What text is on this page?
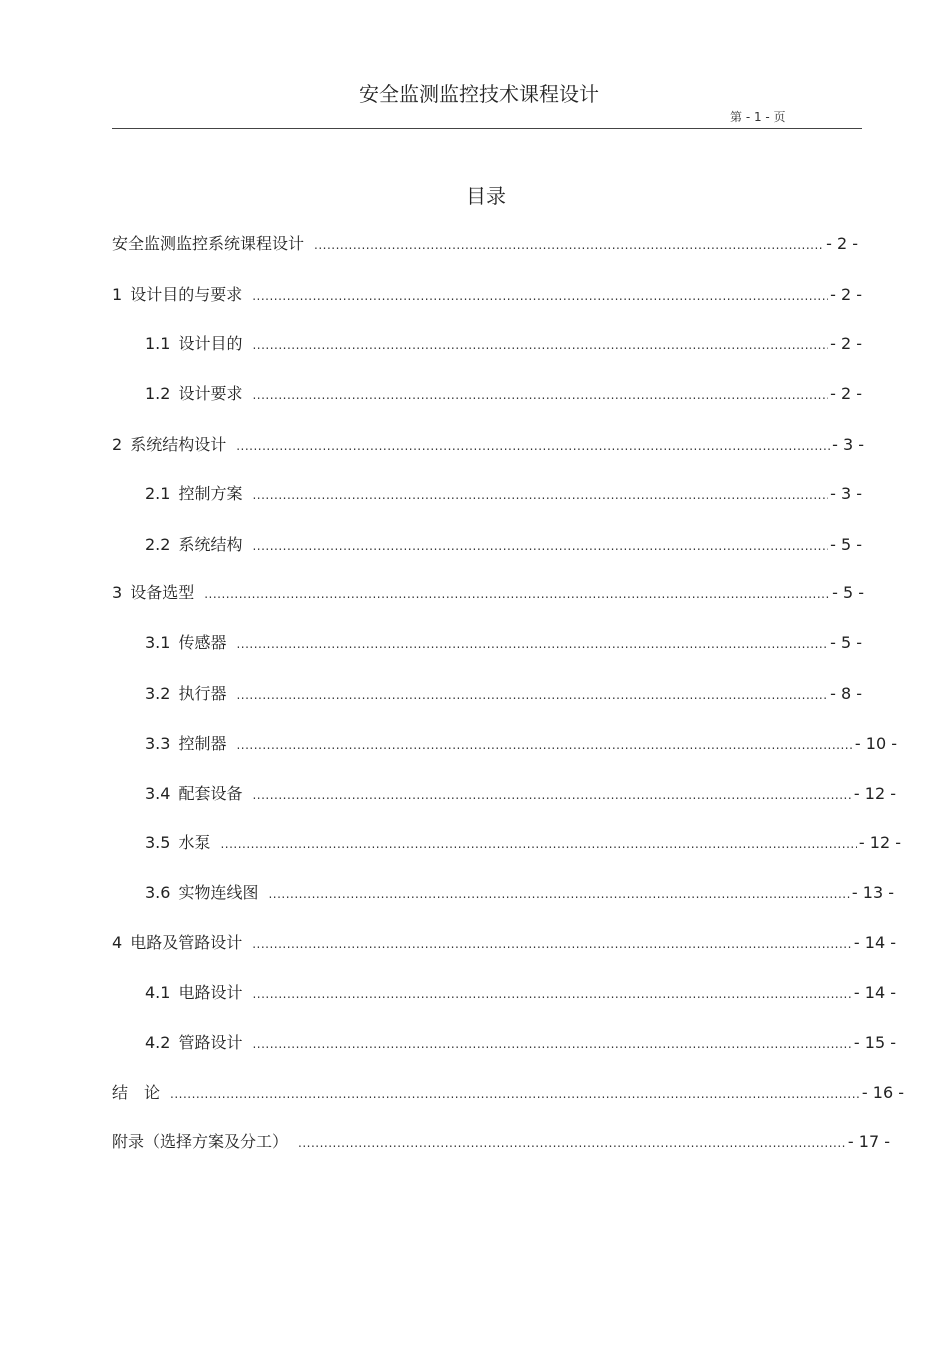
安全监测监控技术课程设计
第 - 1 - 页
目录
安全监测监控系统课程设计 .....	- 2 -
1 设计目的与要求 .....	- 2 -
1.1 设计目的 .....	- 2 -
1.2 设计要求 .....	- 2 -
2 系统结构设计 .....	- 3 -
2.1 控制方案 .....	- 3 -
2.2 系统结构 .....	- 5 -
3 设备选型 .....	- 5 -
3.1 传感器 .....	- 5 -
3.2 执行器 .....	- 8 -
3.3 控制器 .....	- 10 -
3.4 配套设备 .....	- 12 -
3.5 水泵 .....	- 12 -
3.6 实物连线图 .....	- 13 -
4 电路及管路设计 .....	- 14 -
4.1 电路设计 .....	- 14 -
4.2 管路设计 .....	- 15 -
结　论 .....	- 16 -
附录（选择方案及分工） .....	- 17 -
